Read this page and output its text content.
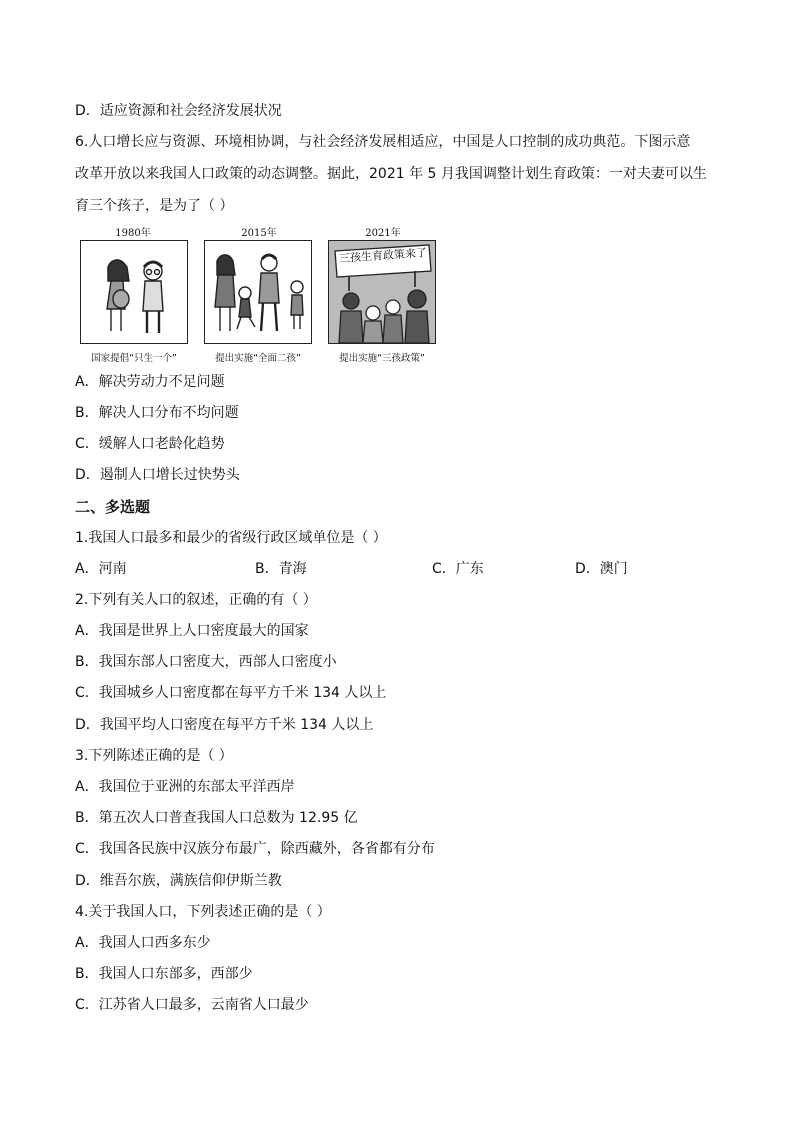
D．适应资源和社会经济发展状况
6.人口增长应与资源、环境相协调，与社会经济发展相适应，中国是人口控制的成功典范。下图示意
改革开放以来我国人口政策的动态调整。据此，2021 年 5 月我国调整计划生育政策：一对夫妻可以生
育三个孩子，是为了（ ）
1980年
国家提倡“只生一个”
2015年
提出实施“全面二孩”
2021年
三孩生育政策来了
提出实施“三孩政策”
A．解决劳动力不足问题
B．解决人口分布不均问题
C．缓解人口老龄化趋势
D．遏制人口增长过快势头
二、多选题
1.我国人口最多和最少的省级行政区域单位是（ ）
A．河南	B．青海	C．广东	D．澳门
2.下列有关人口的叙述，正确的有（ ）
A．我国是世界上人口密度最大的国家
B．我国东部人口密度大，西部人口密度小
C．我国城乡人口密度都在每平方千米 134 人以上
D．我国平均人口密度在每平方千米 134 人以上
3.下列陈述正确的是（ ）
A．我国位于亚洲的东部太平洋西岸
B．第五次人口普查我国人口总数为 12.95 亿
C．我国各民族中汉族分布最广，除西藏外，各省都有分布
D．维吾尔族，满族信仰伊斯兰教
4.关于我国人口，下列表述正确的是（ ）
A．我国人口西多东少
B．我国人口东部多，西部少
C．江苏省人口最多，云南省人口最少
